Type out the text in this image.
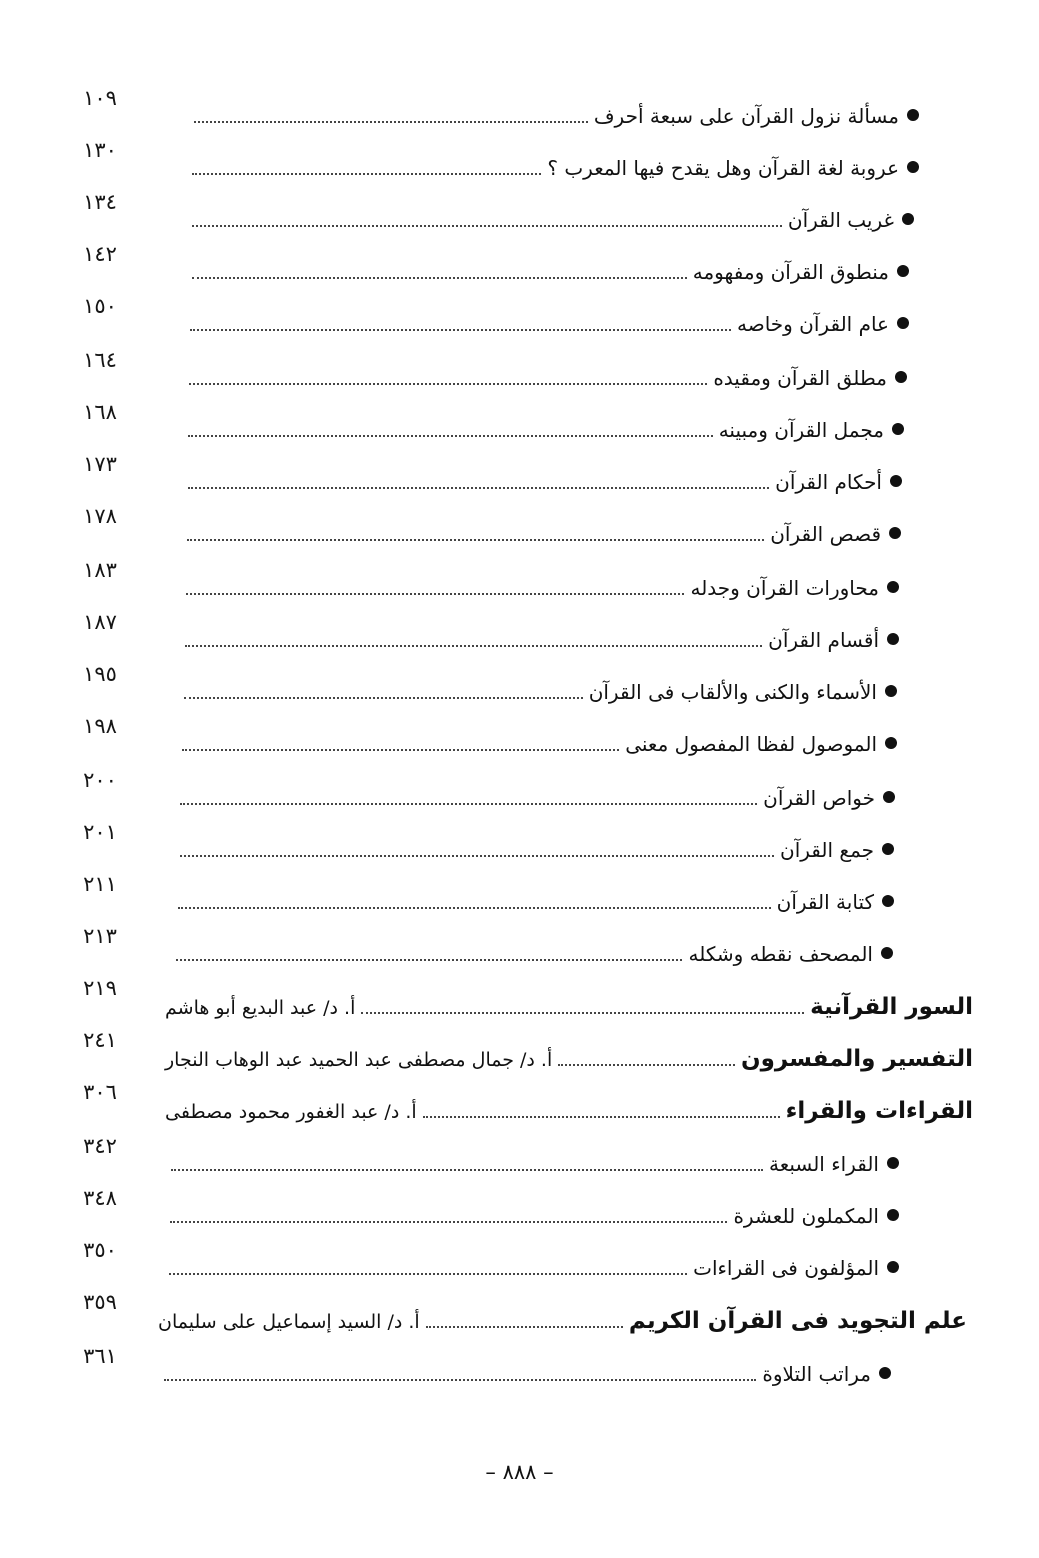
١٠٩
مسألة نزول القرآن على سبعة أحرف
١٣٠
عروبة لغة القرآن وهل يقدح فيها المعرب ؟
١٣٤
غريب القرآن
١٤٢
منطوق القرآن ومفهومه
١٥٠
عام القرآن وخاصه
١٦٤
مطلق القرآن ومقيده
١٦٨
مجمل القرآن ومبينه
١٧٣
أحكام القرآن
١٧٨
قصص القرآن
١٨٣
محاورات القرآن وجدله
١٨٧
أقسام القرآن
١٩٥
الأسماء والكنى والألقاب فى القرآن
١٩٨
الموصول لفظا المفصول معنى
٢٠٠
خواص القرآن
٢٠١
جمع القرآن
٢١١
كتابة القرآن
٢١٣
المصحف نقطه وشكله
٢١٩
السور القرآنية
أ. د/ عبد البديع أبو هاشم
٢٤١
التفسير والمفسرون
أ. د/ جمال مصطفى عبد الحميد عبد الوهاب النجار
٣٠٦
القراءات والقراء
أ. د/ عبد الغفور محمود مصطفى
٣٤٢
القراء السبعة
٣٤٨
المكملون للعشرة
٣٥٠
المؤلفون فى القراءات
٣٥٩
علم التجويد فى القرآن الكريم
أ. د/ السيد إسماعيل على سليمان
٣٦١
مراتب التلاوة
– ٨٨٨ –
